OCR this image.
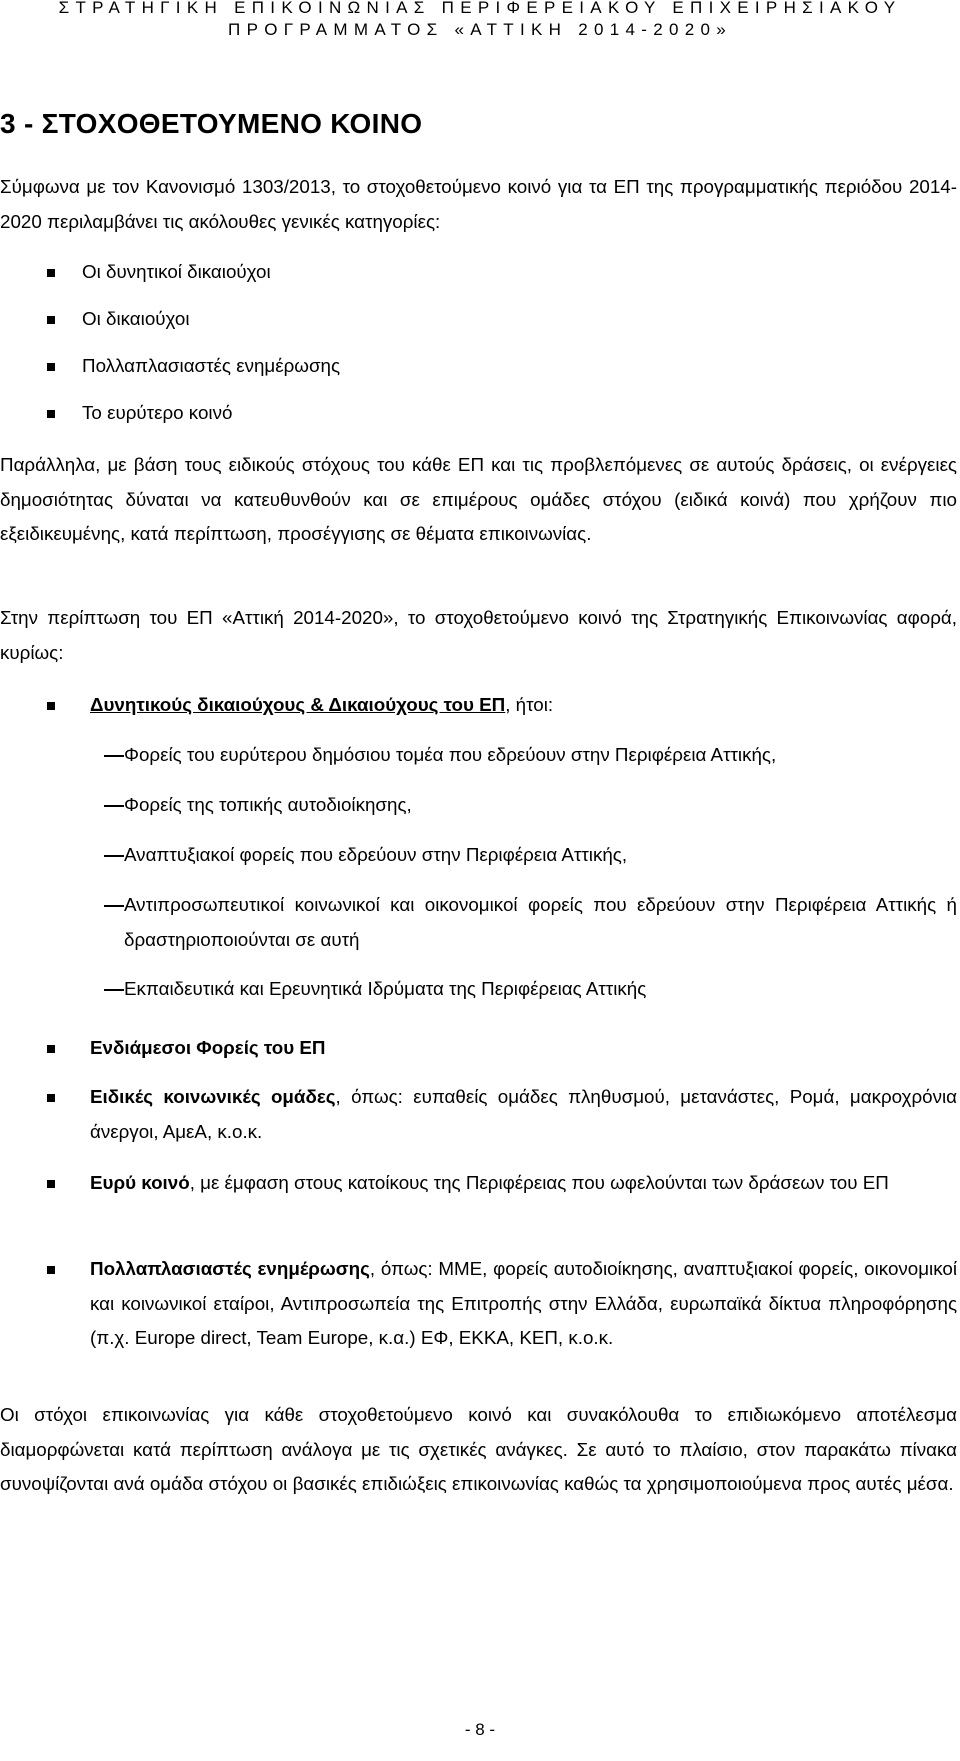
ΣΤΡΑΤΗΓΙΚΗ ΕΠΙΚΟΙΝΩΝΙΑΣ ΠΕΡΙΦΕΡΕΙΑΚΟΥ ΕΠΙΧΕΙΡΗΣΙΑΚΟΥ
ΠΡΟΓΡΑΜΜΑΤΟΣ «ΑΤΤΙΚΗ 2014-2020»
3 - ΣΤΟΧΟΘΕΤΟΥΜΕΝΟ ΚΟΙΝΟ

Σύμφωνα με τον Κανονισμό 1303/2013, το στοχοθετούμενο κοινό για τα ΕΠ της προγραμματικής περιόδου 2014-2020 περιλαμβάνει τις ακόλουθες γενικές κατηγορίες:

Οι δυνητικοί δικαιούχοι
Οι δικαιούχοι
Πολλαπλασιαστές ενημέρωσης
Το ευρύτερο κοινό

Παράλληλα, με βάση τους ειδικούς στόχους του κάθε ΕΠ και τις προβλεπόμενες σε αυτούς δράσεις, οι ενέργειες δημοσιότητας δύναται να κατευθυνθούν και σε επιμέρους ομάδες στόχου (ειδικά κοινά) που χρήζουν πιο εξειδικευμένης, κατά περίπτωση, προσέγγισης σε θέματα επικοινωνίας.

Στην περίπτωση του ΕΠ «Αττική 2014-2020», το στοχοθετούμενο κοινό της Στρατηγικής Επικοινωνίας αφορά, κυρίως:

Δυνητικούς δικαιούχους & Δικαιούχους του ΕΠ, ήτοι:
Φορείς του ευρύτερου δημόσιου τομέα που εδρεύουν στην Περιφέρεια Αττικής,
Φορείς της τοπικής αυτοδιοίκησης,
Αναπτυξιακοί φορείς που εδρεύουν στην Περιφέρεια Αττικής,
Αντιπροσωπευτικοί κοινωνικοί και οικονομικοί φορείς που εδρεύουν στην Περιφέρεια Αττικής ή δραστηριοποιούνται σε αυτή
Εκπαιδευτικά και Ερευνητικά Ιδρύματα της Περιφέρειας Αττικής
Ενδιάμεσοι Φορείς του ΕΠ
Ειδικές κοινωνικές ομάδες, όπως: ευπαθείς ομάδες πληθυσμού, μετανάστες, Ρομά, μακροχρόνια άνεργοι, ΑμεΑ, κ.ο.κ.
Ευρύ κοινό, με έμφαση στους κατοίκους της Περιφέρειας που ωφελούνται των δράσεων του ΕΠ
Πολλαπλασιαστές ενημέρωσης, όπως: ΜΜΕ, φορείς αυτοδιοίκησης, αναπτυξιακοί φορείς, οικονομικοί και κοινωνικοί εταίροι, Αντιπροσωπεία της Επιτροπής στην Ελλάδα, ευρωπαϊκά δίκτυα πληροφόρησης (π.χ. Europe direct, Team Europe, κ.α.) ΕΦ, ΕΚΚΑ, ΚΕΠ, κ.ο.κ.

Οι στόχοι επικοινωνίας για κάθε στοχοθετούμενο κοινό και συνακόλουθα το επιδιωκόμενο αποτέλεσμα διαμορφώνεται κατά περίπτωση ανάλογα με τις σχετικές ανάγκες. Σε αυτό το πλαίσιο, στον παρακάτω πίνακα συνοψίζονται ανά ομάδα στόχου οι βασικές επιδιώξεις επικοινωνίας καθώς τα χρησιμοποιούμενα προς αυτές μέσα.

- 8 -
